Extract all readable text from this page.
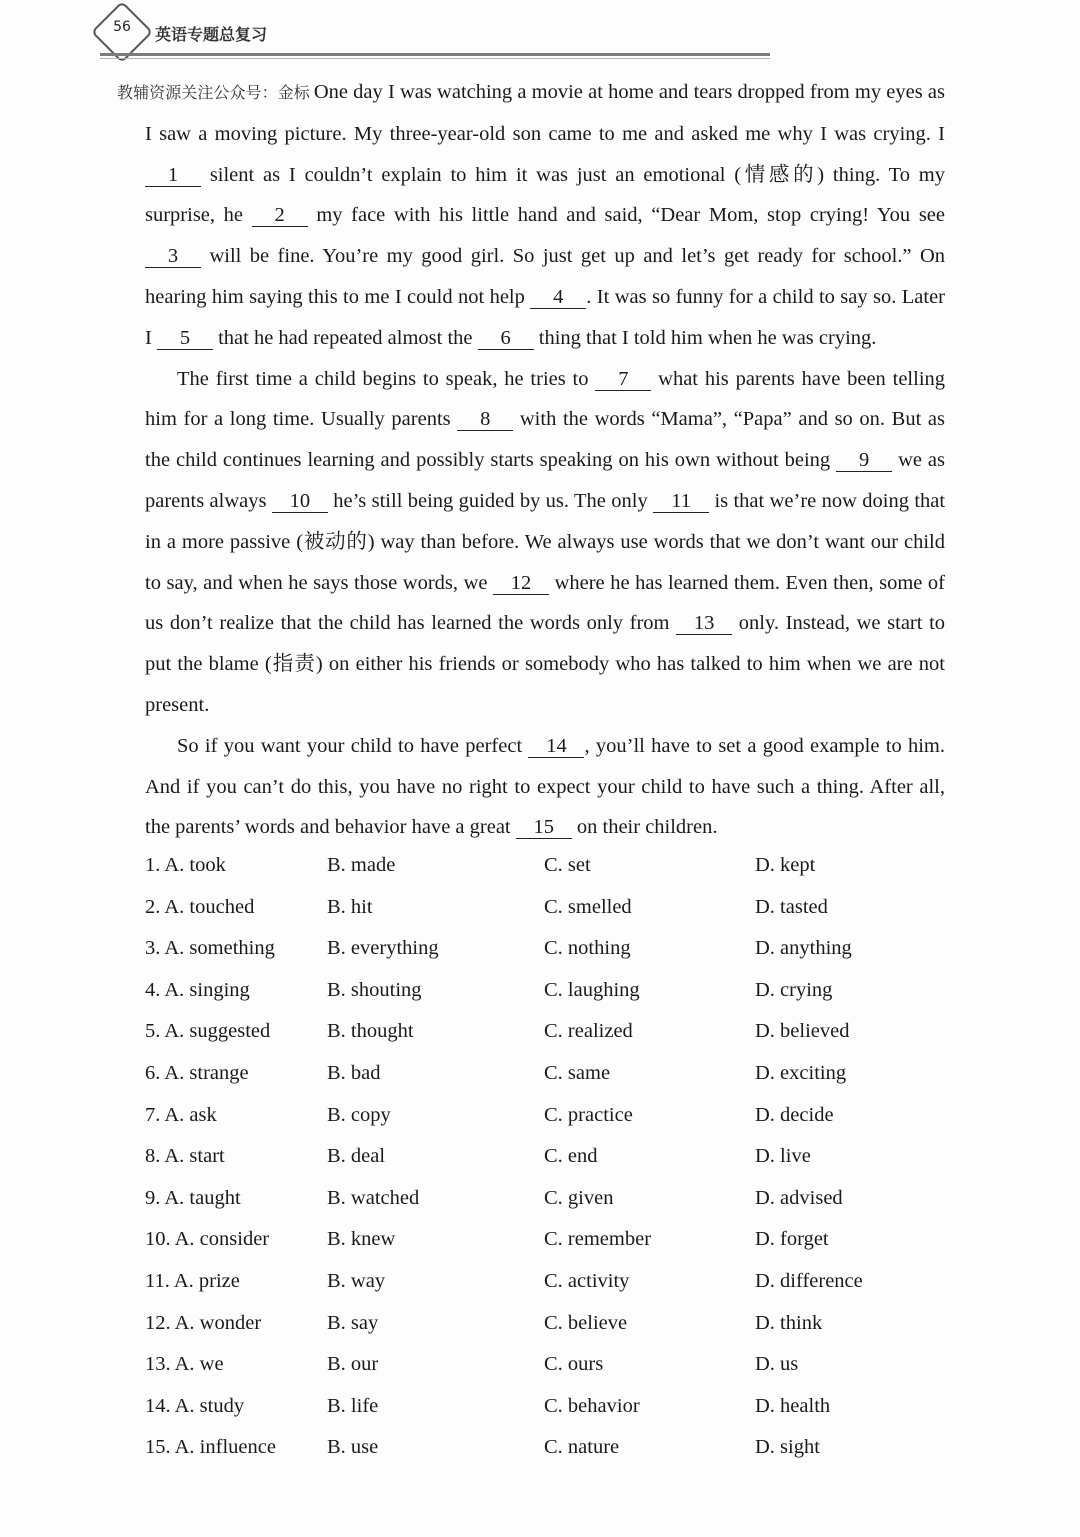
56	英语专题总复习

教辅资源关注公众号：金标 One day I was watching a movie at home and tears dropped from my eyes as I saw a moving picture. My three-year-old son came to me and asked me why I was crying. I 1 silent as I couldn’t explain to him it was just an emotional (情感的) thing. To my surprise, he 2 my face with his little hand and said, “Dear Mom, stop crying! You see 3 will be fine. You’re my good girl. So just get up and let’s get ready for school.” On hearing him saying this to me I could not help 4 . It was so funny for a child to say so. Later I 5 that he had repeated almost the 6 thing that I told him when he was crying.

The first time a child begins to speak, he tries to 7 what his parents have been telling him for a long time. Usually parents 8 with the words “Mama”, “Papa” and so on. But as the child continues learning and possibly starts speaking on his own without being 9 we as parents always 10 he’s still being guided by us. The only 11 is that we’re now doing that in a more passive (被动的) way than before. We always use words that we don’t want our child to say, and when he says those words, we 12 where he has learned them. Even then, some of us don’t realize that the child has learned the words only from 13 only. Instead, we start to put the blame (指责) on either his friends or somebody who has talked to him when we are not present.

So if you want your child to have perfect 14 , you’ll have to set a good example to him. And if you can’t do this, you have no right to expect your child to have such a thing. After all, the parents’ words and behavior have a great 15 on their children.

1. A. took	B. made	C. set	D. kept
2. A. touched	B. hit	C. smelled	D. tasted
3. A. something	B. everything	C. nothing	D. anything
4. A. singing	B. shouting	C. laughing	D. crying
5. A. suggested	B. thought	C. realized	D. believed
6. A. strange	B. bad	C. same	D. exciting
7. A. ask	B. copy	C. practice	D. decide
8. A. start	B. deal	C. end	D. live
9. A. taught	B. watched	C. given	D. advised
10. A. consider	B. knew	C. remember	D. forget
11. A. prize	B. way	C. activity	D. difference
12. A. wonder	B. say	C. believe	D. think
13. A. we	B. our	C. ours	D. us
14. A. study	B. life	C. behavior	D. health
15. A. influence B. use	C. nature	D. sight
